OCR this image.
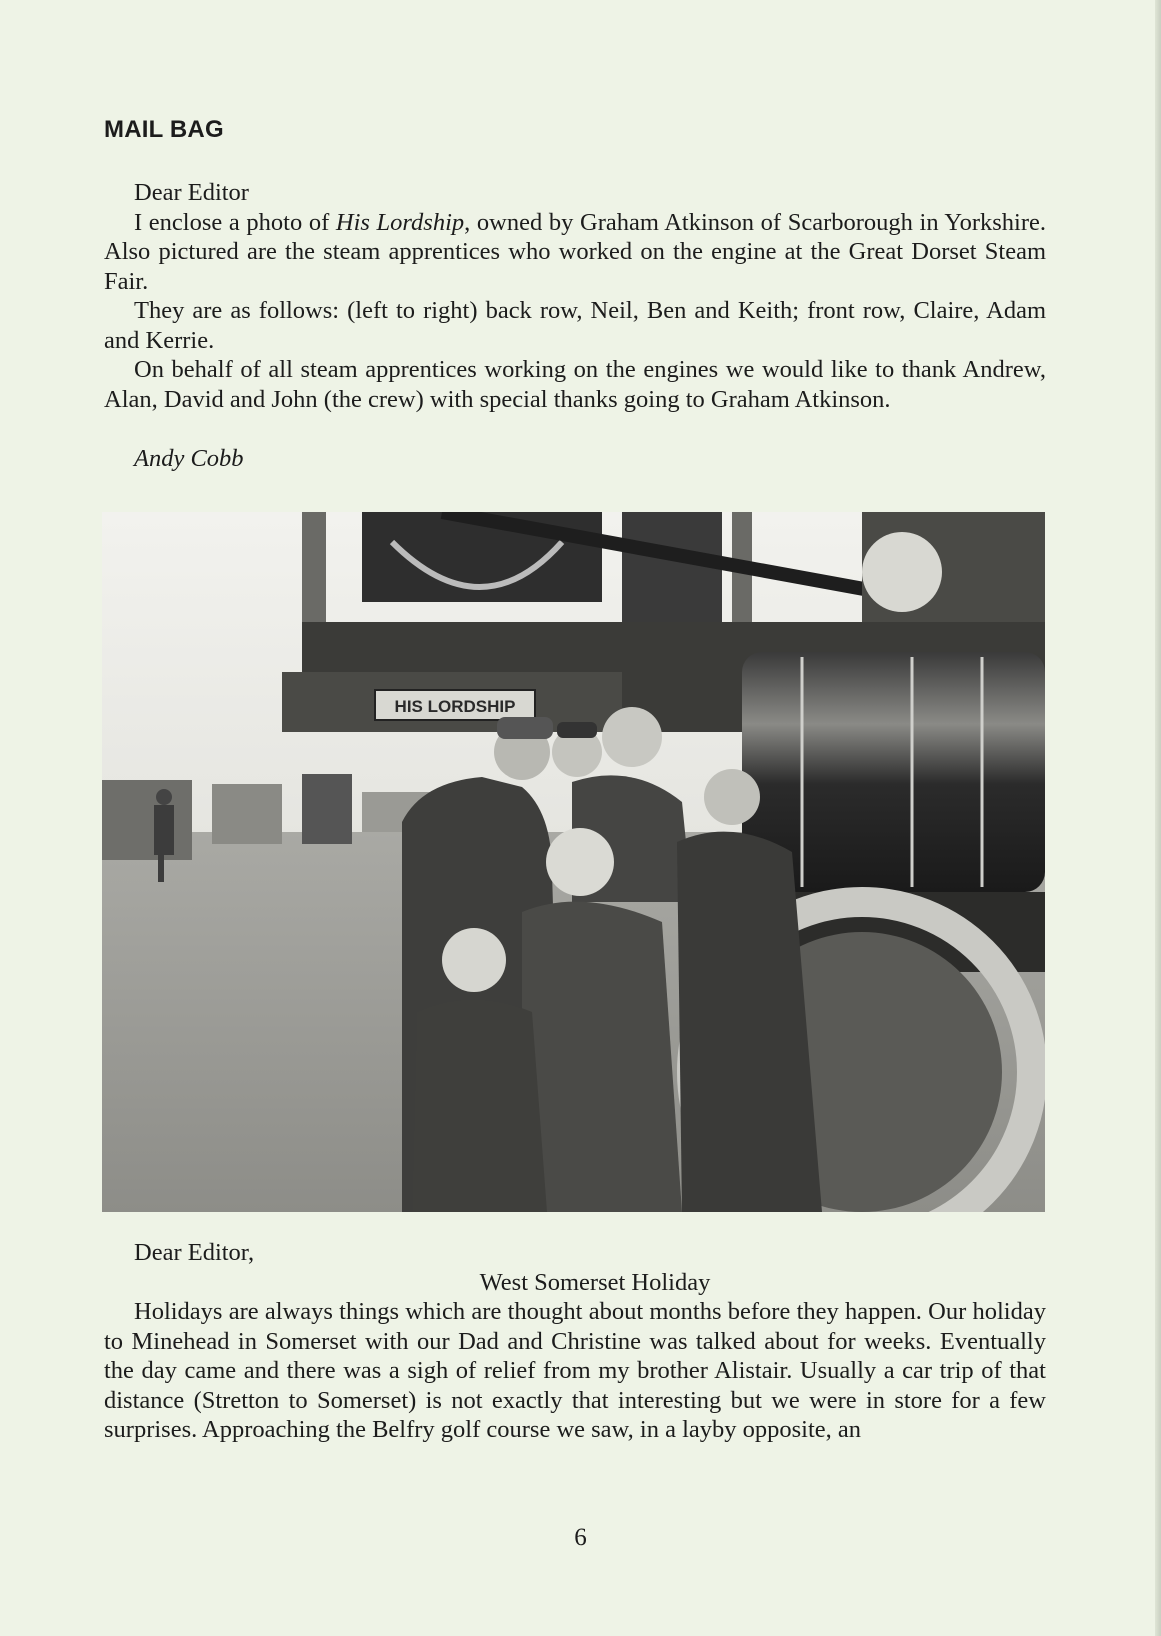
MAIL BAG
Dear Editor

I enclose a photo of His Lordship, owned by Graham Atkinson of Scarborough in Yorkshire. Also pictured are the steam apprentices who worked on the engine at the Great Dorset Steam Fair.

They are as follows: (left to right) back row, Neil, Ben and Keith; front row, Claire, Adam and Kerrie.

On behalf of all steam apprentices working on the engines we would like to thank Andrew, Alan, David and John (the crew) with special thanks going to Graham Atkinson.

Andy Cobb
HIS LORDSHIP
Dear Editor,
West Somerset Holiday

Holidays are always things which are thought about months before they happen. Our holiday to Minehead in Somerset with our Dad and Christine was talked about for weeks. Eventually the day came and there was a sigh of relief from my brother Alistair. Usually a car trip of that distance (Stretton to Somerset) is not exactly that interesting but we were in store for a few surprises. Approaching the Belfry golf course we saw, in a layby opposite, an

6
